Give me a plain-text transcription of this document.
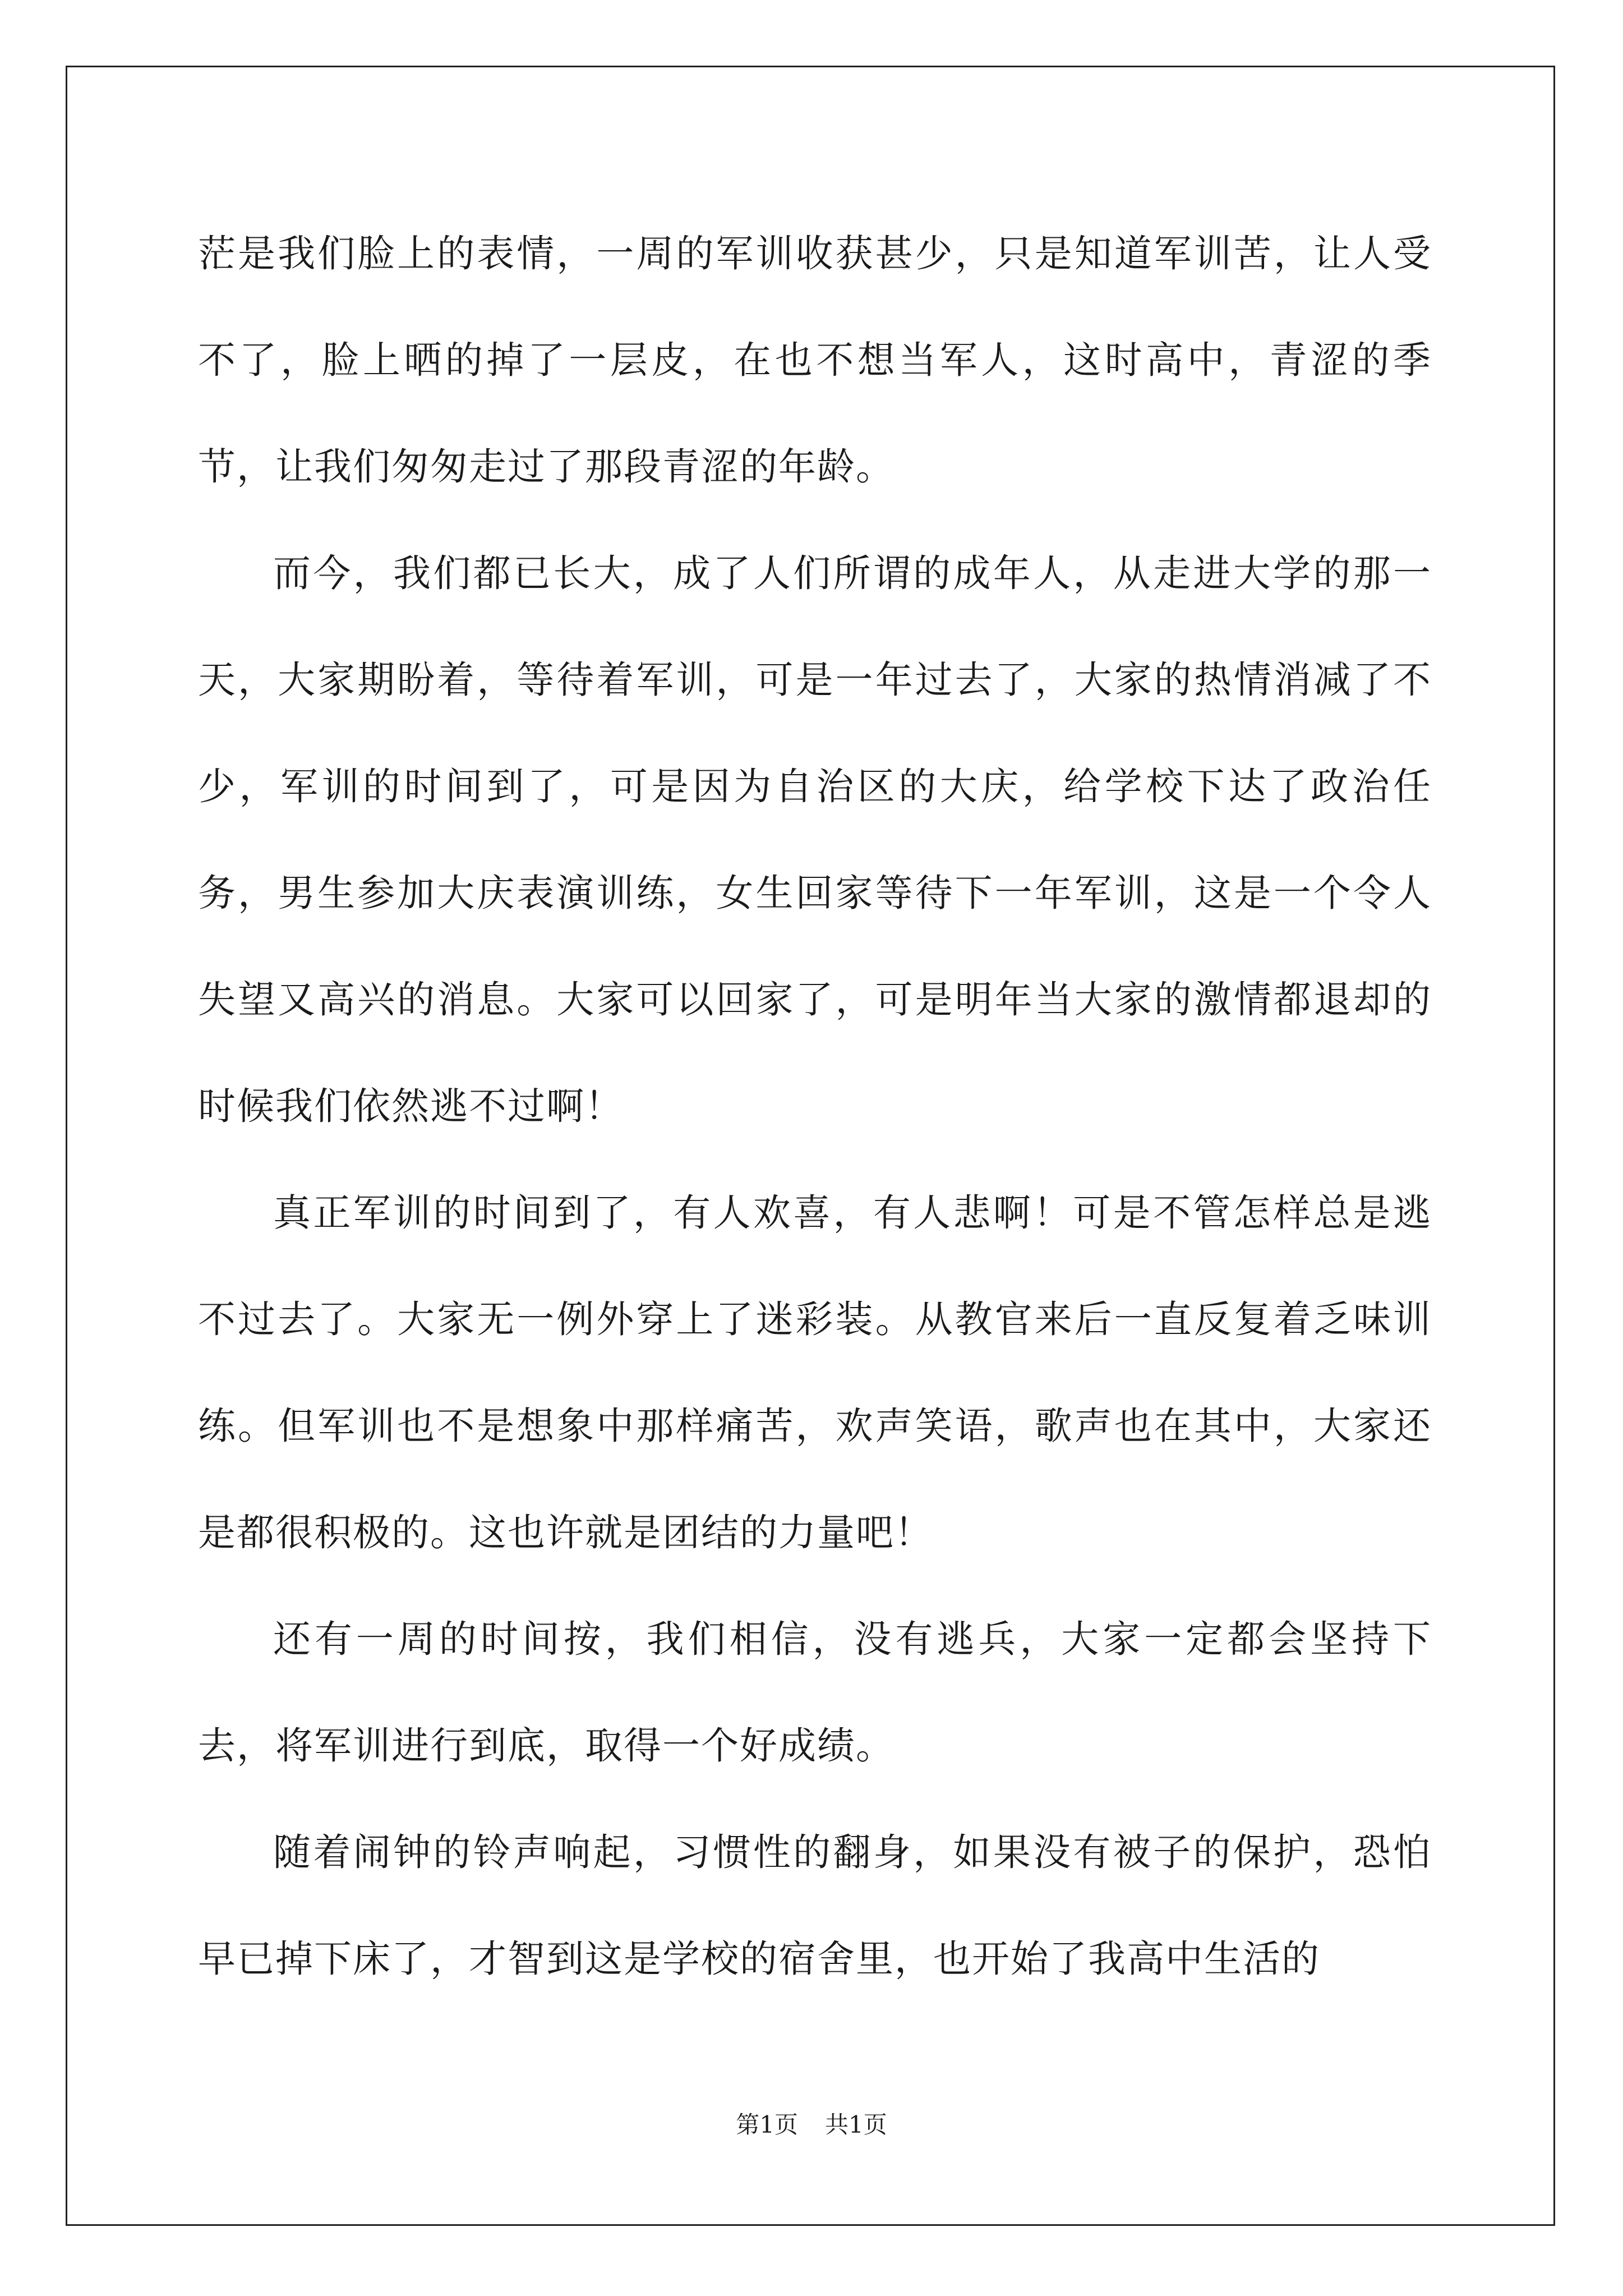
茫是我们脸上的表情，一周的军训收获甚少，只是知道军训苦，让人受不了，脸上晒的掉了一层皮，在也不想当军人，这时高中，青涩的季节，让我们匆匆走过了那段青涩的年龄。

而今，我们都已长大，成了人们所谓的成年人，从走进大学的那一天，大家期盼着，等待着军训，可是一年过去了，大家的热情消减了不少，军训的时间到了，可是因为自治区的大庆，给学校下达了政治任务，男生参加大庆表演训练，女生回家等待下一年军训，这是一个令人失望又高兴的消息。大家可以回家了，可是明年当大家的激情都退却的时候我们依然逃不过啊！

真正军训的时间到了，有人欢喜，有人悲啊！可是不管怎样总是逃不过去了。大家无一例外穿上了迷彩装。从教官来后一直反复着乏味训练。但军训也不是想象中那样痛苦，欢声笑语，歌声也在其中，大家还是都很积极的。这也许就是团结的力量吧！

还有一周的时间按，我们相信，没有逃兵，大家一定都会坚持下去，将军训进行到底，取得一个好成绩。

随着闹钟的铃声响起，习惯性的翻身，如果没有被子的保护，恐怕早已掉下床了，才智到这是学校的宿舍里，也开始了我高中生活的

第1页 共1页
